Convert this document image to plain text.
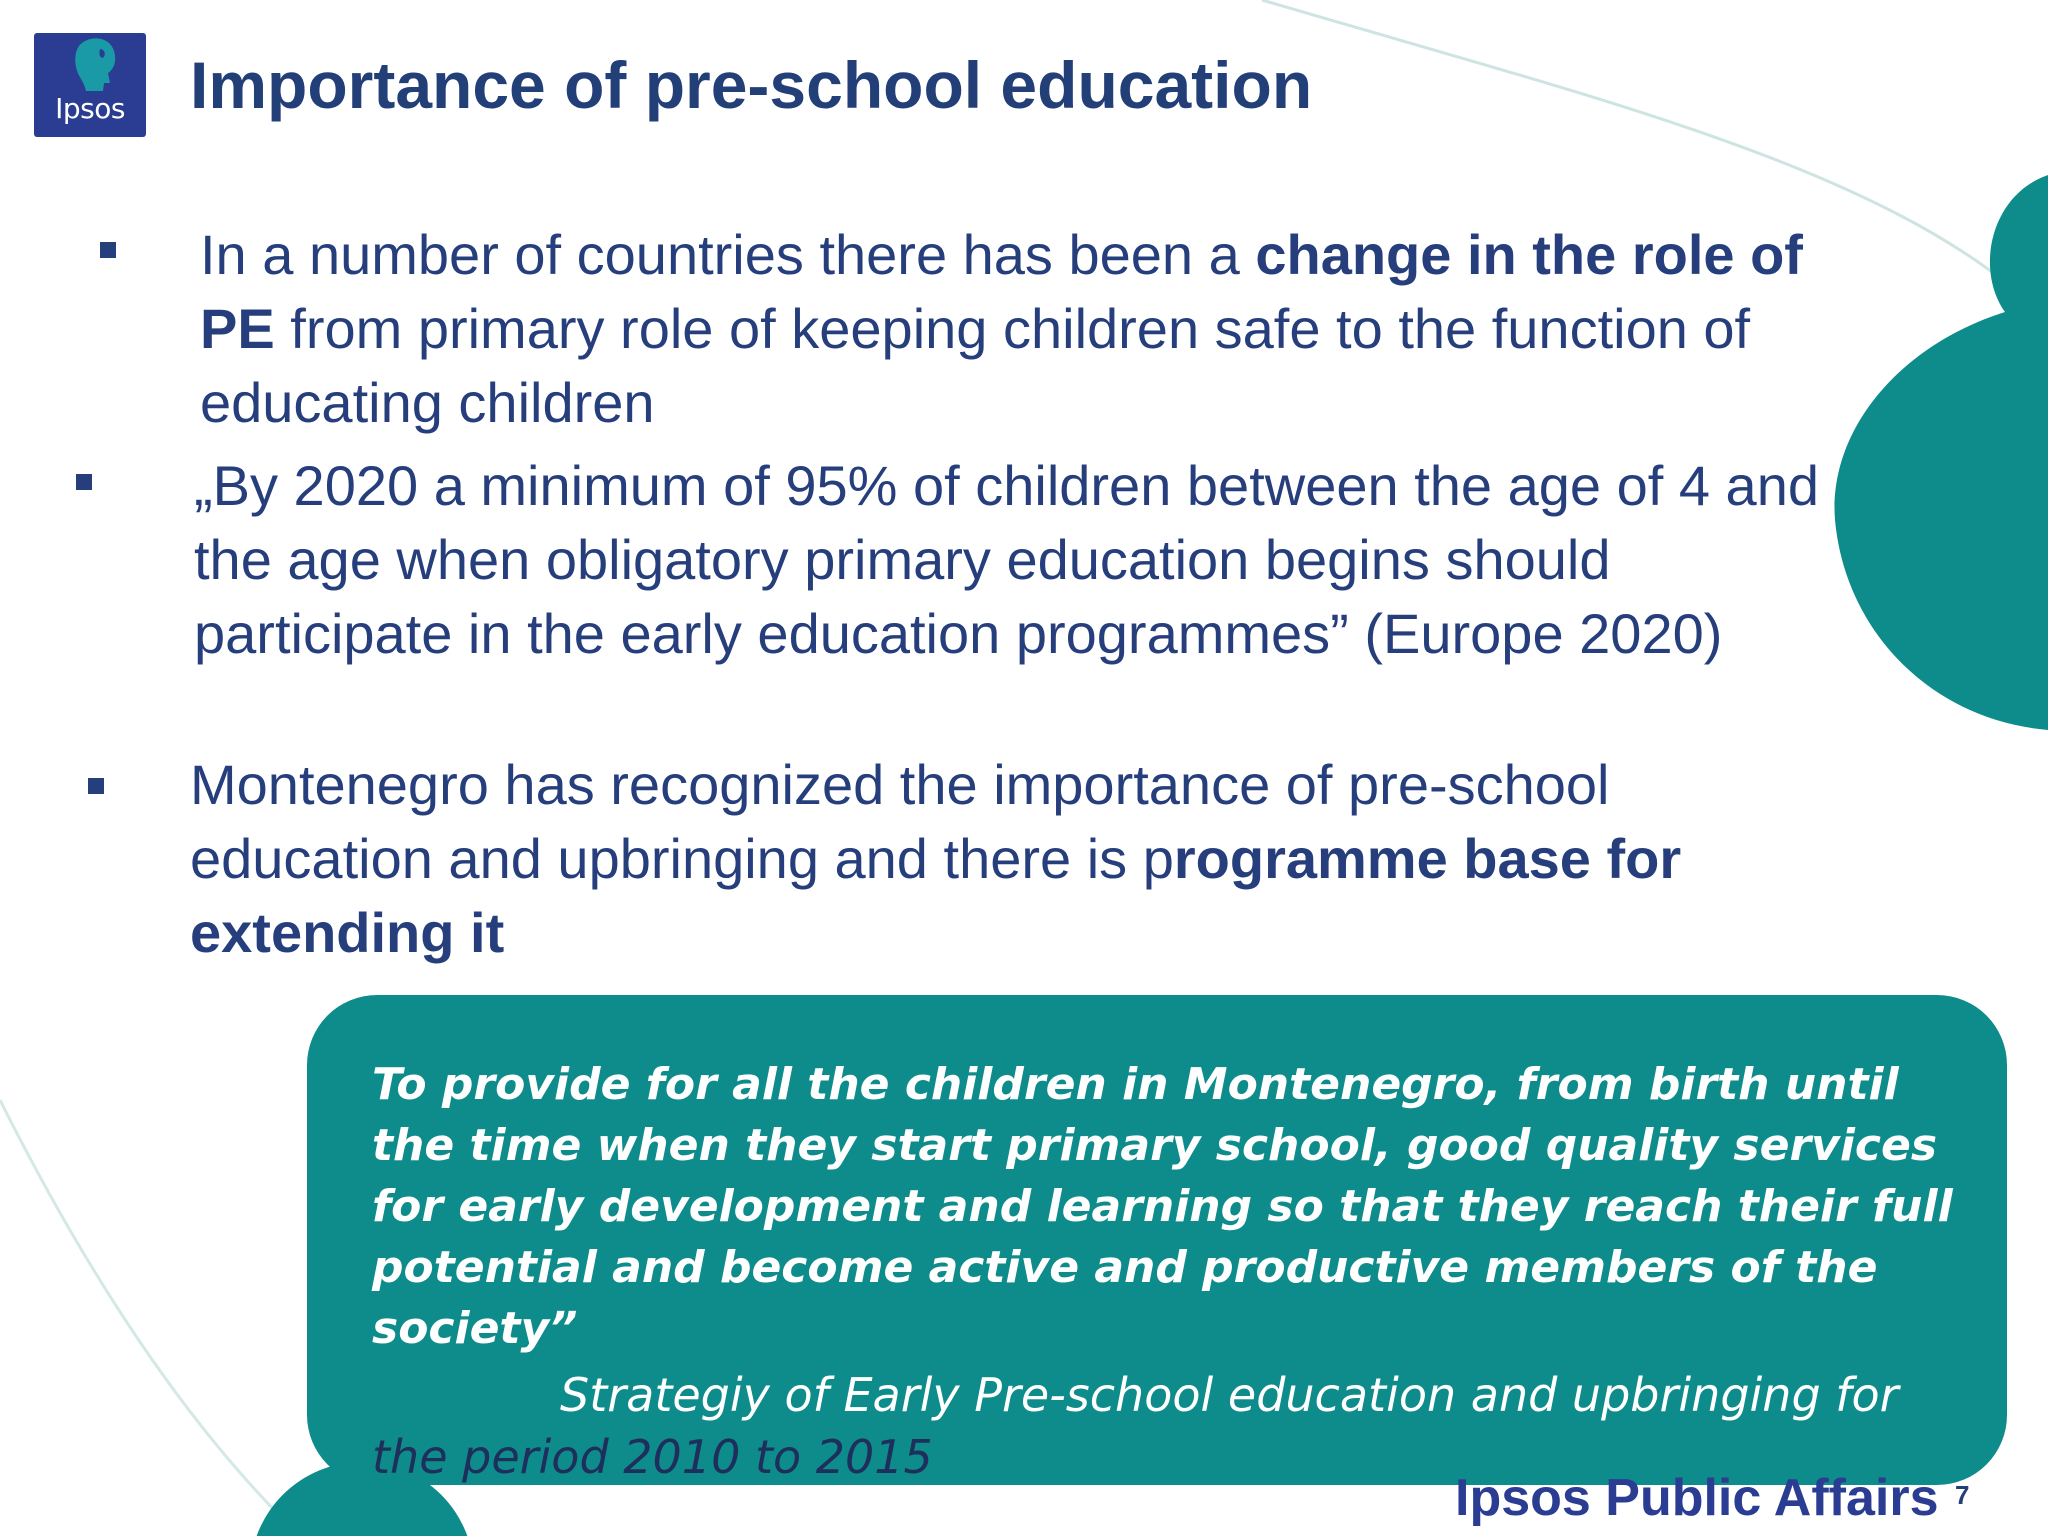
Ipsos Importance of pre-school education

In a number of countries there has been a change in the role of PE from primary role of keeping children safe to the function of educating children

„By 2020 a minimum of 95% of children between the age of 4 and the age when obligatory primary education begins should participate in the early education programmes” (Europe 2020)

Montenegro has recognized the importance of pre-school education and upbringing and there is programme base for extending it

To provide for all the children in Montenegro, from birth until the time when they start primary school, good quality services for early development and learning so that they reach their full potential and become active and productive members of the society”

Strategiy of Early Pre-school education and upbringing for

the period 2010 to 2015

Ipsos Public Affairs 7
